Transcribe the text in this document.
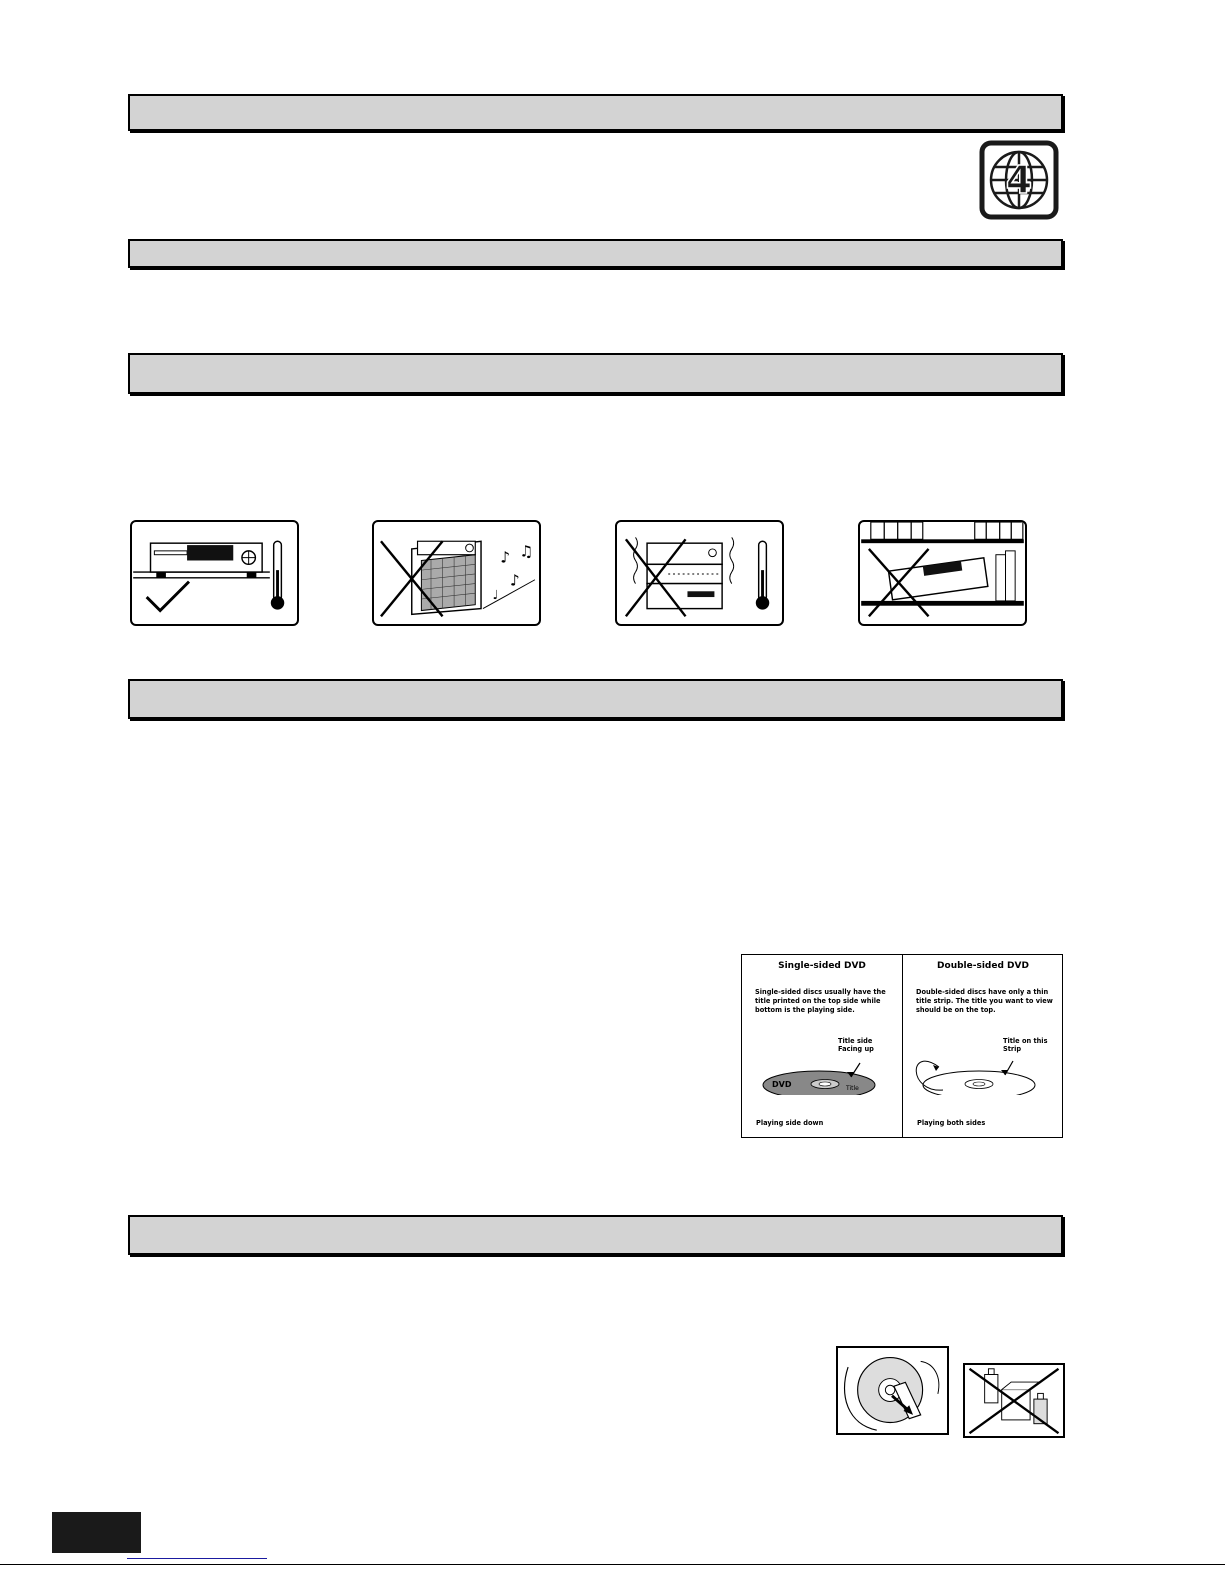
4
♪ ♫
♪
♩
Single-sided DVD
Single-sided discs usually have the title printed on the top side while bottom is the playing side.
Title side Facing up
DVD	Title
Playing side down
Double-sided DVD
Double-sided discs have only a thin title strip. The title you want to view should be on the top.
Title on this Strip
Playing both sides
